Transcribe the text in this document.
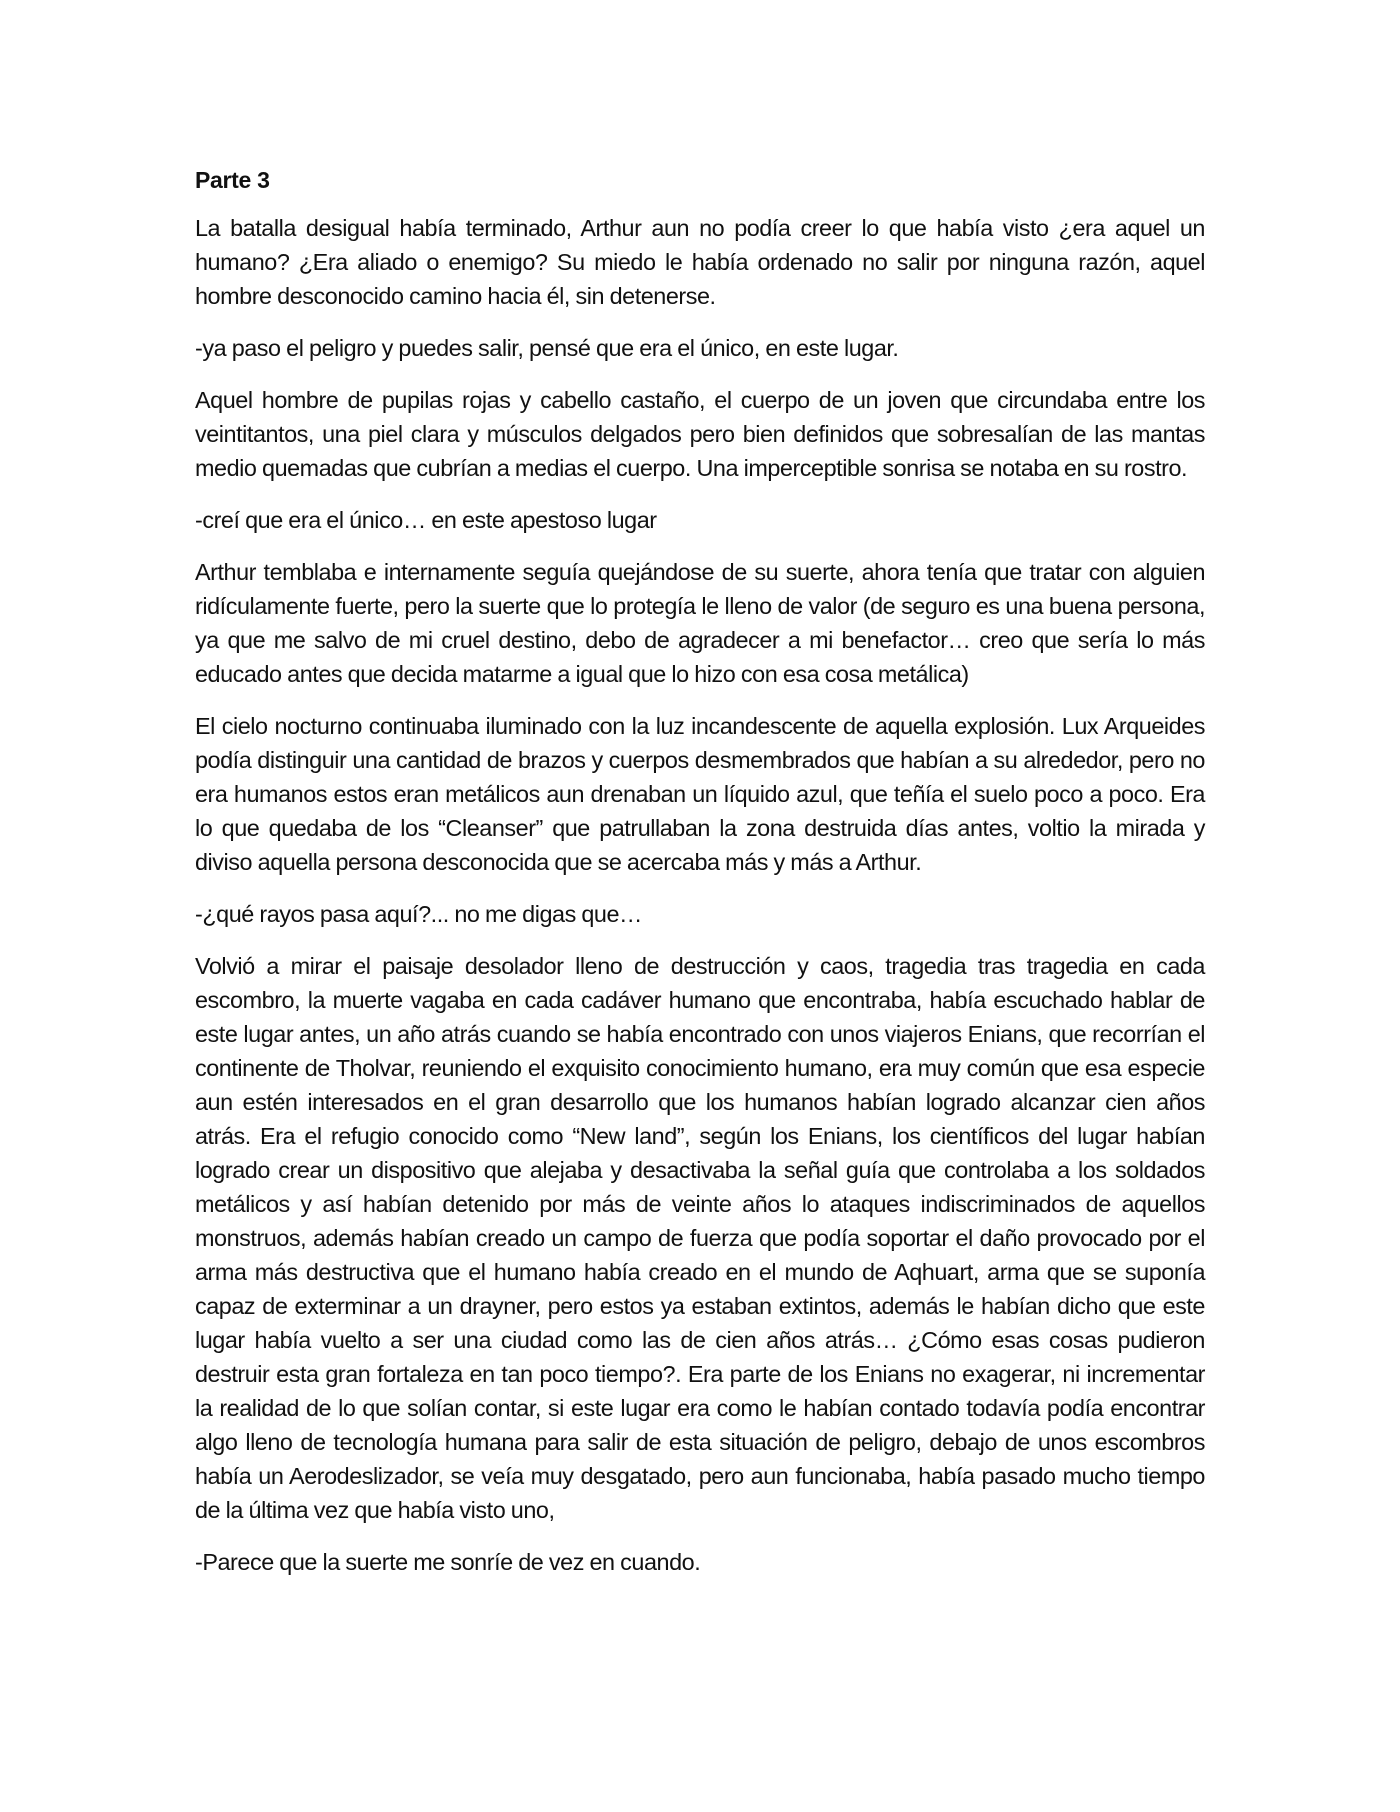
Parte 3

La batalla desigual había terminado, Arthur aun no podía creer lo que había visto ¿era aquel un humano? ¿Era aliado o enemigo? Su miedo le había ordenado no salir por ninguna razón, aquel hombre desconocido camino hacia él, sin detenerse.

-ya paso el peligro y puedes salir, pensé que era el único, en este lugar.

Aquel hombre de pupilas rojas y cabello castaño, el cuerpo de un joven que circundaba entre los veintitantos, una piel clara y músculos delgados pero bien definidos que sobresalían de las mantas medio quemadas que cubrían a medias el cuerpo. Una imperceptible sonrisa se notaba en su rostro.

-creí que era el único… en este apestoso lugar

Arthur temblaba e internamente seguía quejándose de su suerte, ahora tenía que tratar con alguien ridículamente fuerte, pero la suerte que lo protegía le lleno de valor (de seguro es una buena persona, ya que me salvo de mi cruel destino, debo de agradecer a mi benefactor… creo que sería lo más educado antes que decida matarme a igual que lo hizo con esa cosa metálica)

El cielo nocturno continuaba iluminado con la luz incandescente de aquella explosión. Lux Arqueides podía distinguir una cantidad de brazos y cuerpos desmembrados que habían a su alrededor, pero no era humanos estos eran metálicos aun drenaban un líquido azul, que teñía el suelo poco a poco. Era lo que quedaba de los “Cleanser” que patrullaban la zona destruida días antes, voltio la mirada y diviso aquella persona desconocida que se acercaba más y más a Arthur.

-¿qué rayos pasa aquí?... no me digas que…

Volvió a mirar el paisaje desolador lleno de destrucción y caos, tragedia tras tragedia en cada escombro, la muerte vagaba en cada cadáver humano que encontraba, había escuchado hablar de este lugar antes, un año atrás cuando se había encontrado con unos viajeros Enians, que recorrían el continente de Tholvar, reuniendo el exquisito conocimiento humano, era muy común que esa especie aun estén interesados en el gran desarrollo que los humanos habían logrado alcanzar cien años atrás. Era el refugio conocido como “New land”, según los Enians, los científicos del lugar habían logrado crear un dispositivo que alejaba y desactivaba la señal guía que controlaba a los soldados metálicos y así habían detenido por más de veinte años lo ataques indiscriminados de aquellos monstruos, además habían creado un campo de fuerza que podía soportar el daño provocado por el arma más destructiva que el humano había creado en el mundo de Aqhuart, arma que se suponía capaz de exterminar a un drayner, pero estos ya estaban extintos, además le habían dicho que este lugar había vuelto a ser una ciudad como las de cien años atrás… ¿Cómo esas cosas pudieron destruir esta gran fortaleza en tan poco tiempo?. Era parte de los Enians no exagerar, ni incrementar la realidad de lo que solían contar, si este lugar era como le habían contado todavía podía encontrar algo lleno de tecnología humana para salir de esta situación de peligro, debajo de unos escombros había un Aerodeslizador, se veía muy desgatado, pero aun funcionaba, había pasado mucho tiempo de la última vez que había visto uno,

-Parece que la suerte me sonríe de vez en cuando.
